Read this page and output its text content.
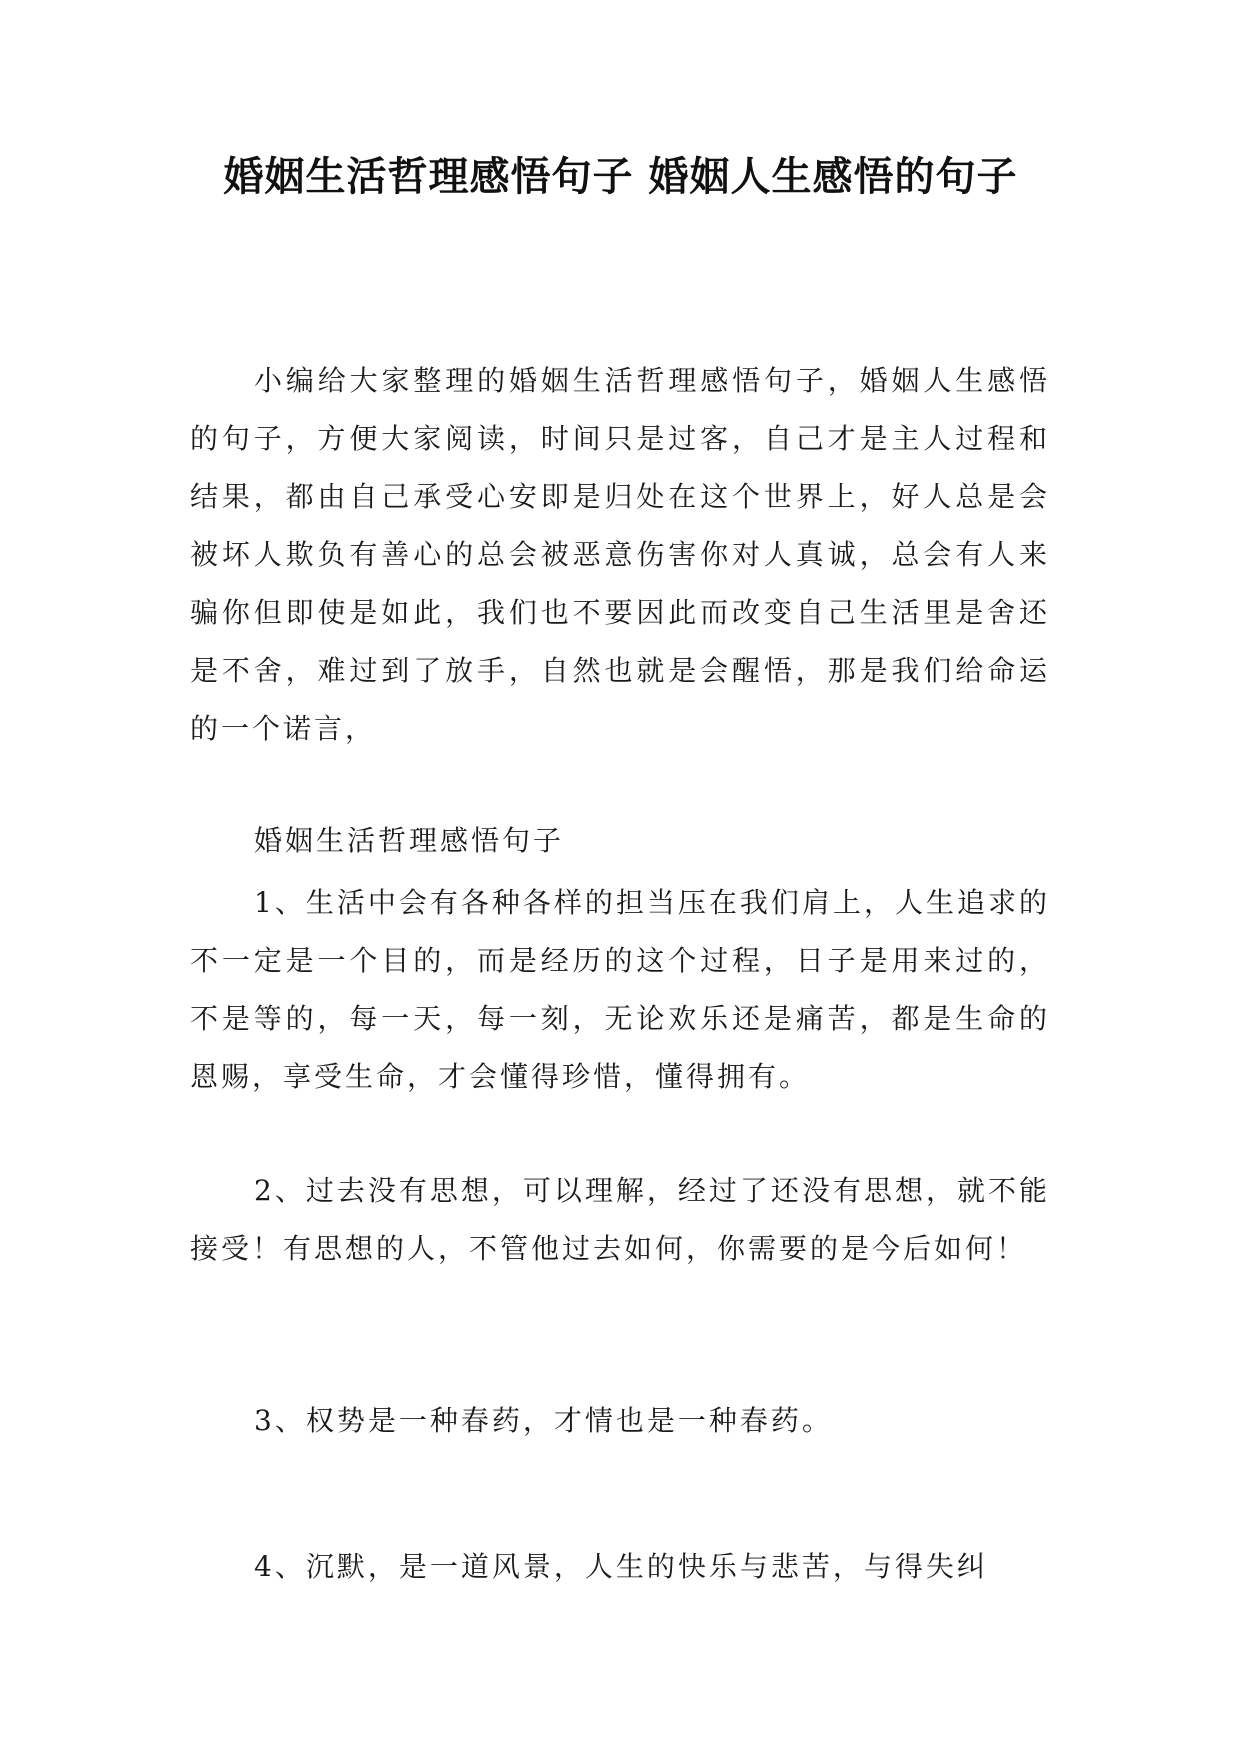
婚姻生活哲理感悟句子 婚姻人生感悟的句子

小编给大家整理的婚姻生活哲理感悟句子，婚姻人生感悟的句子，方便大家阅读，时间只是过客，自己才是主人过程和结果，都由自己承受心安即是归处在这个世界上，好人总是会被坏人欺负有善心的总会被恶意伤害你对人真诚，总会有人来骗你但即使是如此，我们也不要因此而改变自己生活里是舍还是不舍，难过到了放手，自然也就是会醒悟，那是我们给命运的一个诺言，

婚姻生活哲理感悟句子

1、生活中会有各种各样的担当压在我们肩上，人生追求的不一定是一个目的，而是经历的这个过程，日子是用来过的，不是等的，每一天，每一刻，无论欢乐还是痛苦，都是生命的恩赐，享受生命，才会懂得珍惜，懂得拥有。

2、过去没有思想，可以理解，经过了还没有思想，就不能接受！有思想的人，不管他过去如何，你需要的是今后如何！

3、权势是一种春药，才情也是一种春药。

4、沉默，是一道风景，人生的快乐与悲苦，与得失纠
